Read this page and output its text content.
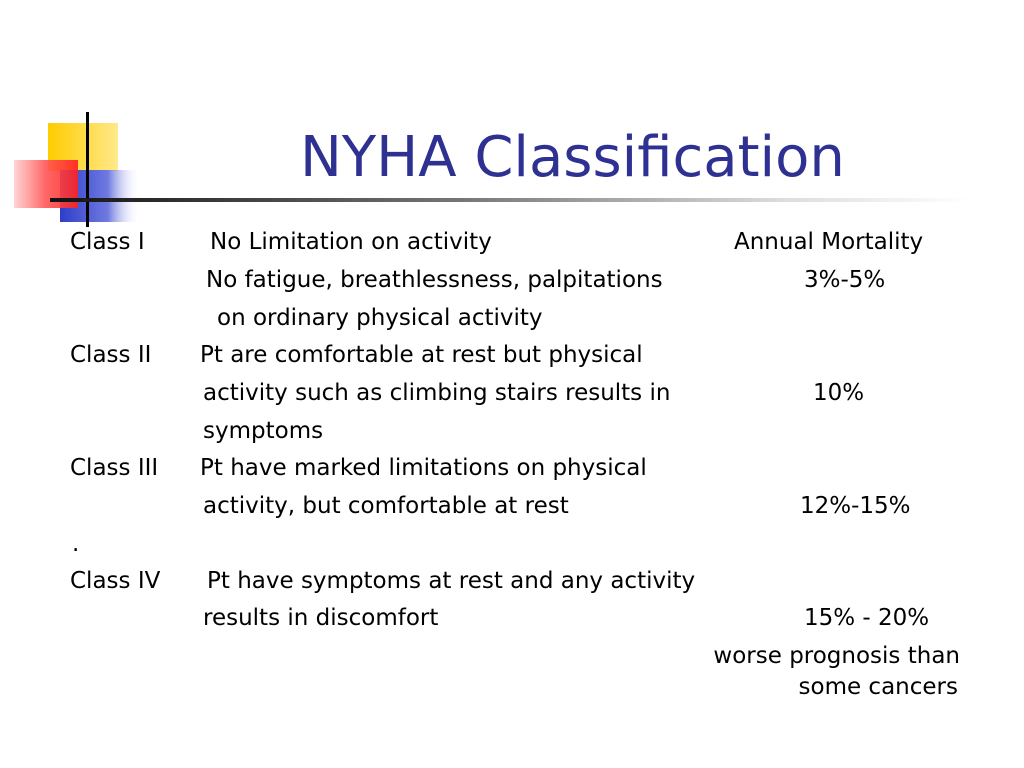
NYHA Classification
Class I	No Limitation on activity	Annual Mortality
No fatigue, breathlessness, palpitations	3%-5%
on ordinary physical activity
Class II Pt are comfortable at rest but physical
activity such as climbing stairs results in	10%
symptoms
Class III Pt have marked limitations on physical
activity, but comfortable at rest	12%-15%
.
Class IV Pt have symptoms at rest and any activity
results in discomfort	15% - 20%
worse prognosis than
some cancers
